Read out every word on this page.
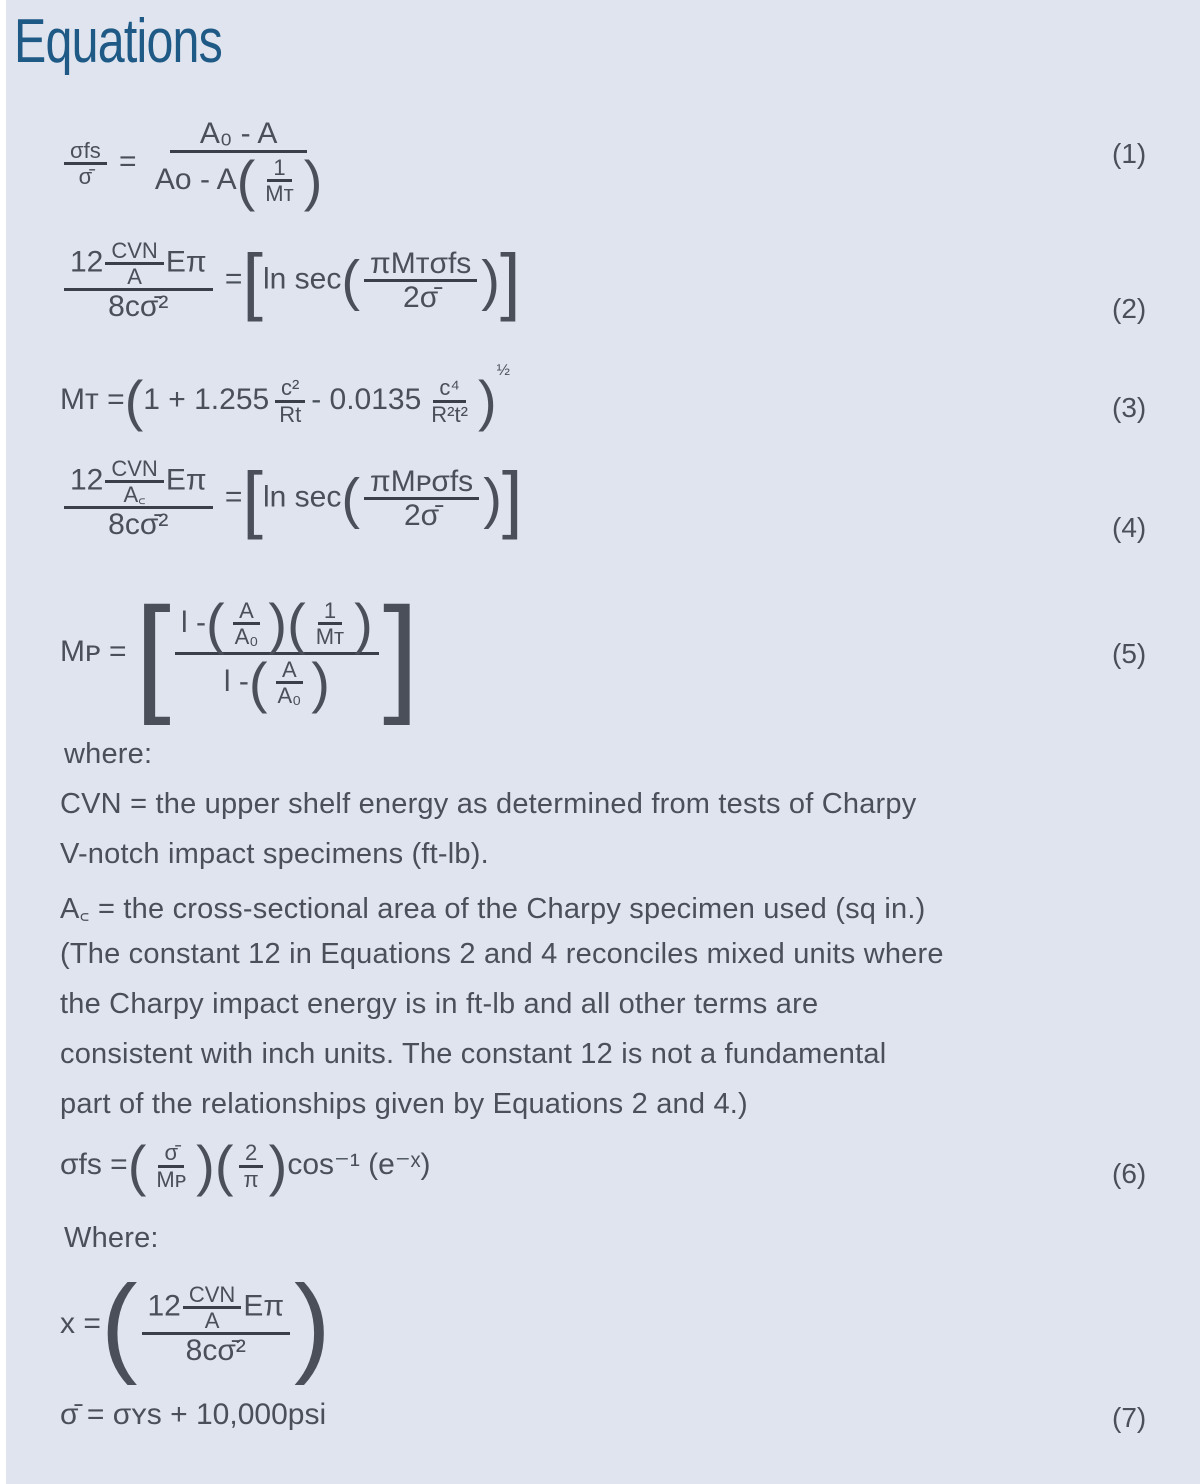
Equations
$\frac{\text{σfs}}{\sigmā} = \frac{\text{A₀ - A}}{Ao - A( \frac{1}{\text{Mᴛ}} )}$	(1)
$\frac{12 \frac{\text{CVN}}{A} E\pi}{\text{8cσ̄²}} =[\ln$ $\sec( \frac{\text{πMᴛσfs}}{2\sigmā}$ )]	(2)
Mᴛ $=(1 + 1.255 \frac{\text{c²}}{Rt} - 0.0135 \frac{\text{c⁴}}{\text{R²t²}} )^{\frac{1}{2}}$
(3)
$\frac{12 \frac{\text{CVN}}{A꜀} E\pi}{\text{8cσ̄²}} =[\ln$ $\sec( \frac{\text{πMᴘσfs}}{2\sigmā}$ )]	(4)
Mᴘ = [ $\frac{l -( \frac{A}{\text{A₀}} )( \frac{1}{\text{Mᴛ}} )}{l -( \frac{A}{\text{A₀}} )}$ ]	(5)
where:
CVN = the upper shelf energy as determined from tests of Charpy
V-notch impact specimens (ft-lb).
A꜀ = the cross-sectional area of the Charpy specimen used (sq in.)
(The constant 12 in Equations 2 and 4 reconciles mixed units where
the Charpy impact energy is in ft-lb and all other terms are
consistent with inch units. The constant 12 is not a fundamental
part of the relationships given by Equations 2 and 4.)
σfs =( $\frac{\sigmā}{\text{Mᴘ}}$ )( $\frac{2}{\pi} )\cos^{-1}$ (e⁻ˣ)	(6)
Where:
x =( $\frac{12 \frac{\text{CVN}}{A} E\pi}{\text{8cσ̄²}}$ )
σ̄ = σʏs + 10,000psi	(7)
